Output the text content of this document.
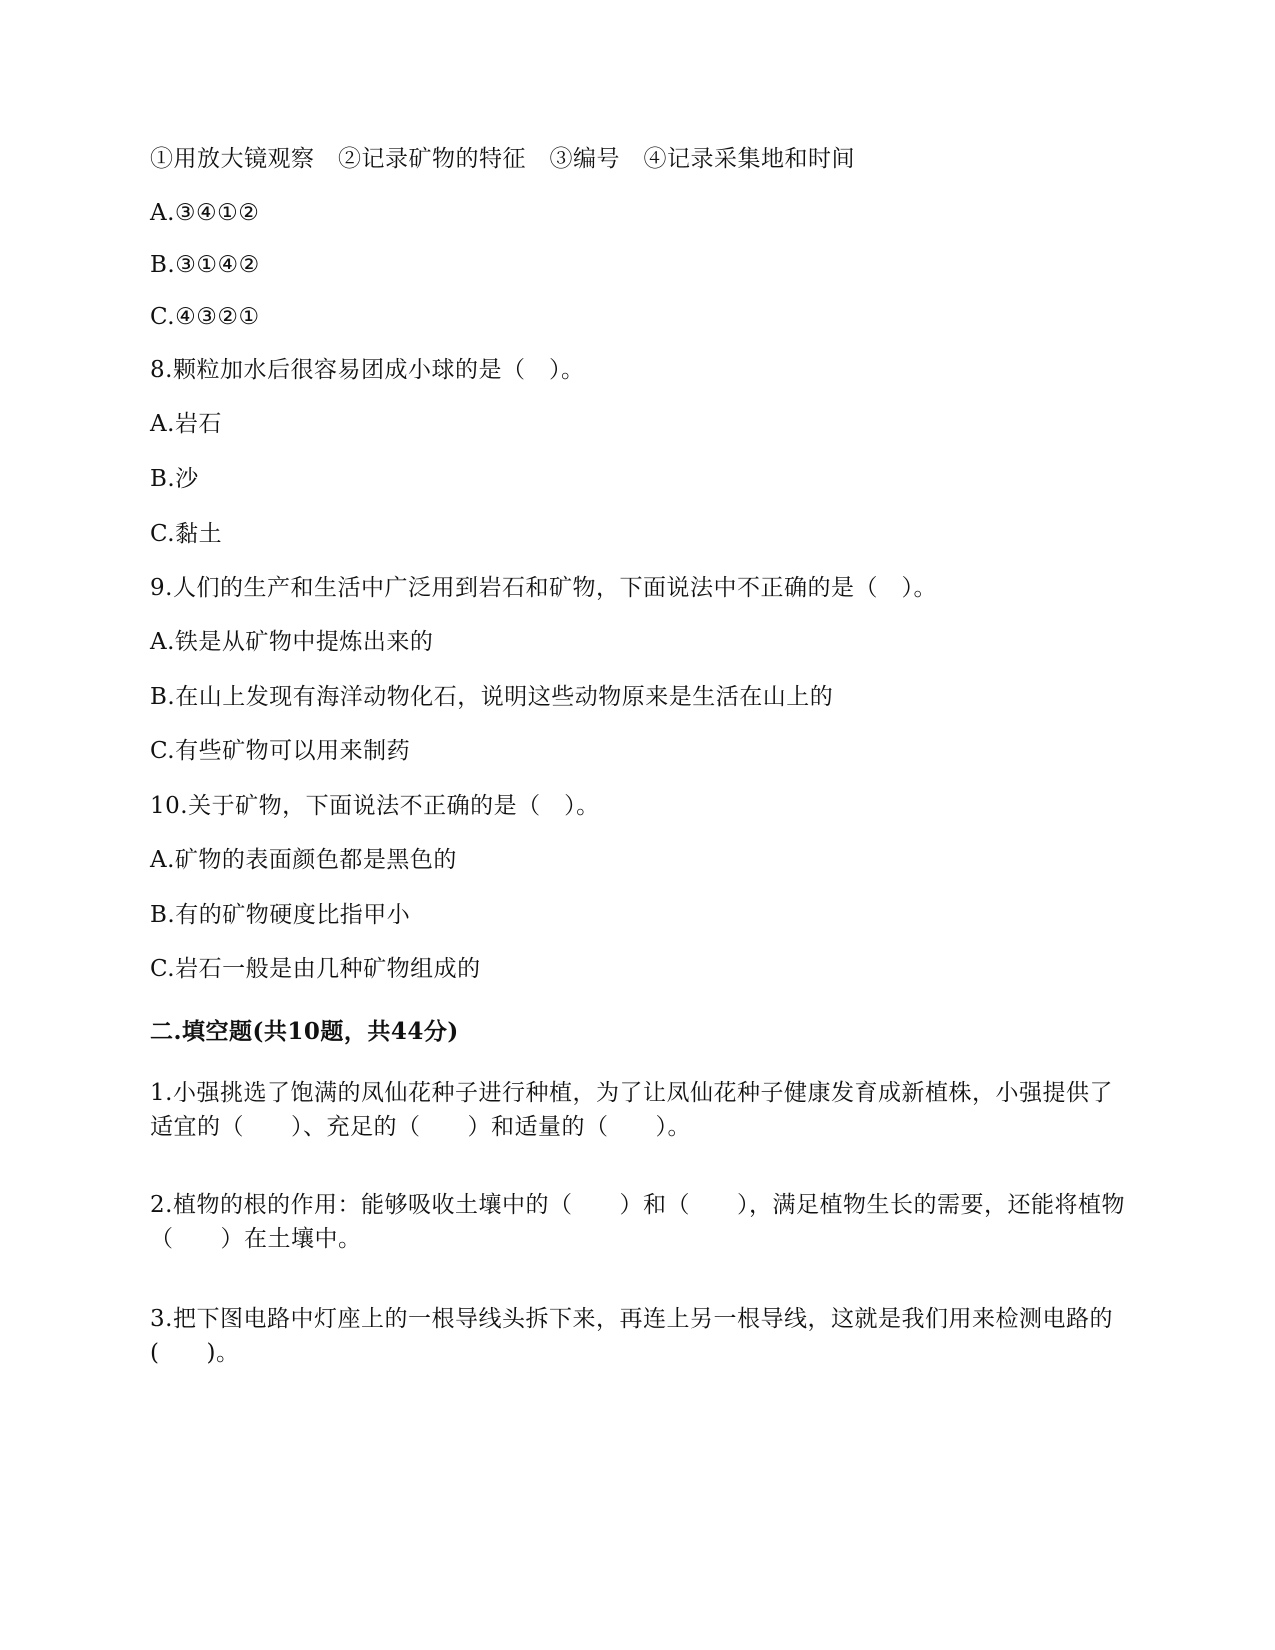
①用放大镜观察　②记录矿物的特征　③编号　④记录采集地和时间
A.③④①②
B.③①④②
C.④③②①
8.颗粒加水后很容易团成小球的是（　）。
A.岩石
B.沙
C.黏土
9.人们的生产和生活中广泛用到岩石和矿物，下面说法中不正确的是（　）。
A.铁是从矿物中提炼出来的
B.在山上发现有海洋动物化石，说明这些动物原来是生活在山上的
C.有些矿物可以用来制药
10.关于矿物，下面说法不正确的是（　）。
A.矿物的表面颜色都是黑色的
B.有的矿物硬度比指甲小
C.岩石一般是由几种矿物组成的
二.填空题(共10题，共44分)
1.小强挑选了饱满的凤仙花种子进行种植，为了让凤仙花种子健康发育成新植株，小强提供了适宜的（　　）、充足的（　　）和适量的（　　）。
2.植物的根的作用：能够吸收土壤中的（　　）和（　　），满足植物生长的需要，还能将植物（　　）在土壤中。
3.把下图电路中灯座上的一根导线头拆下来，再连上另一根导线，这就是我们用来检测电路的(　　)。
